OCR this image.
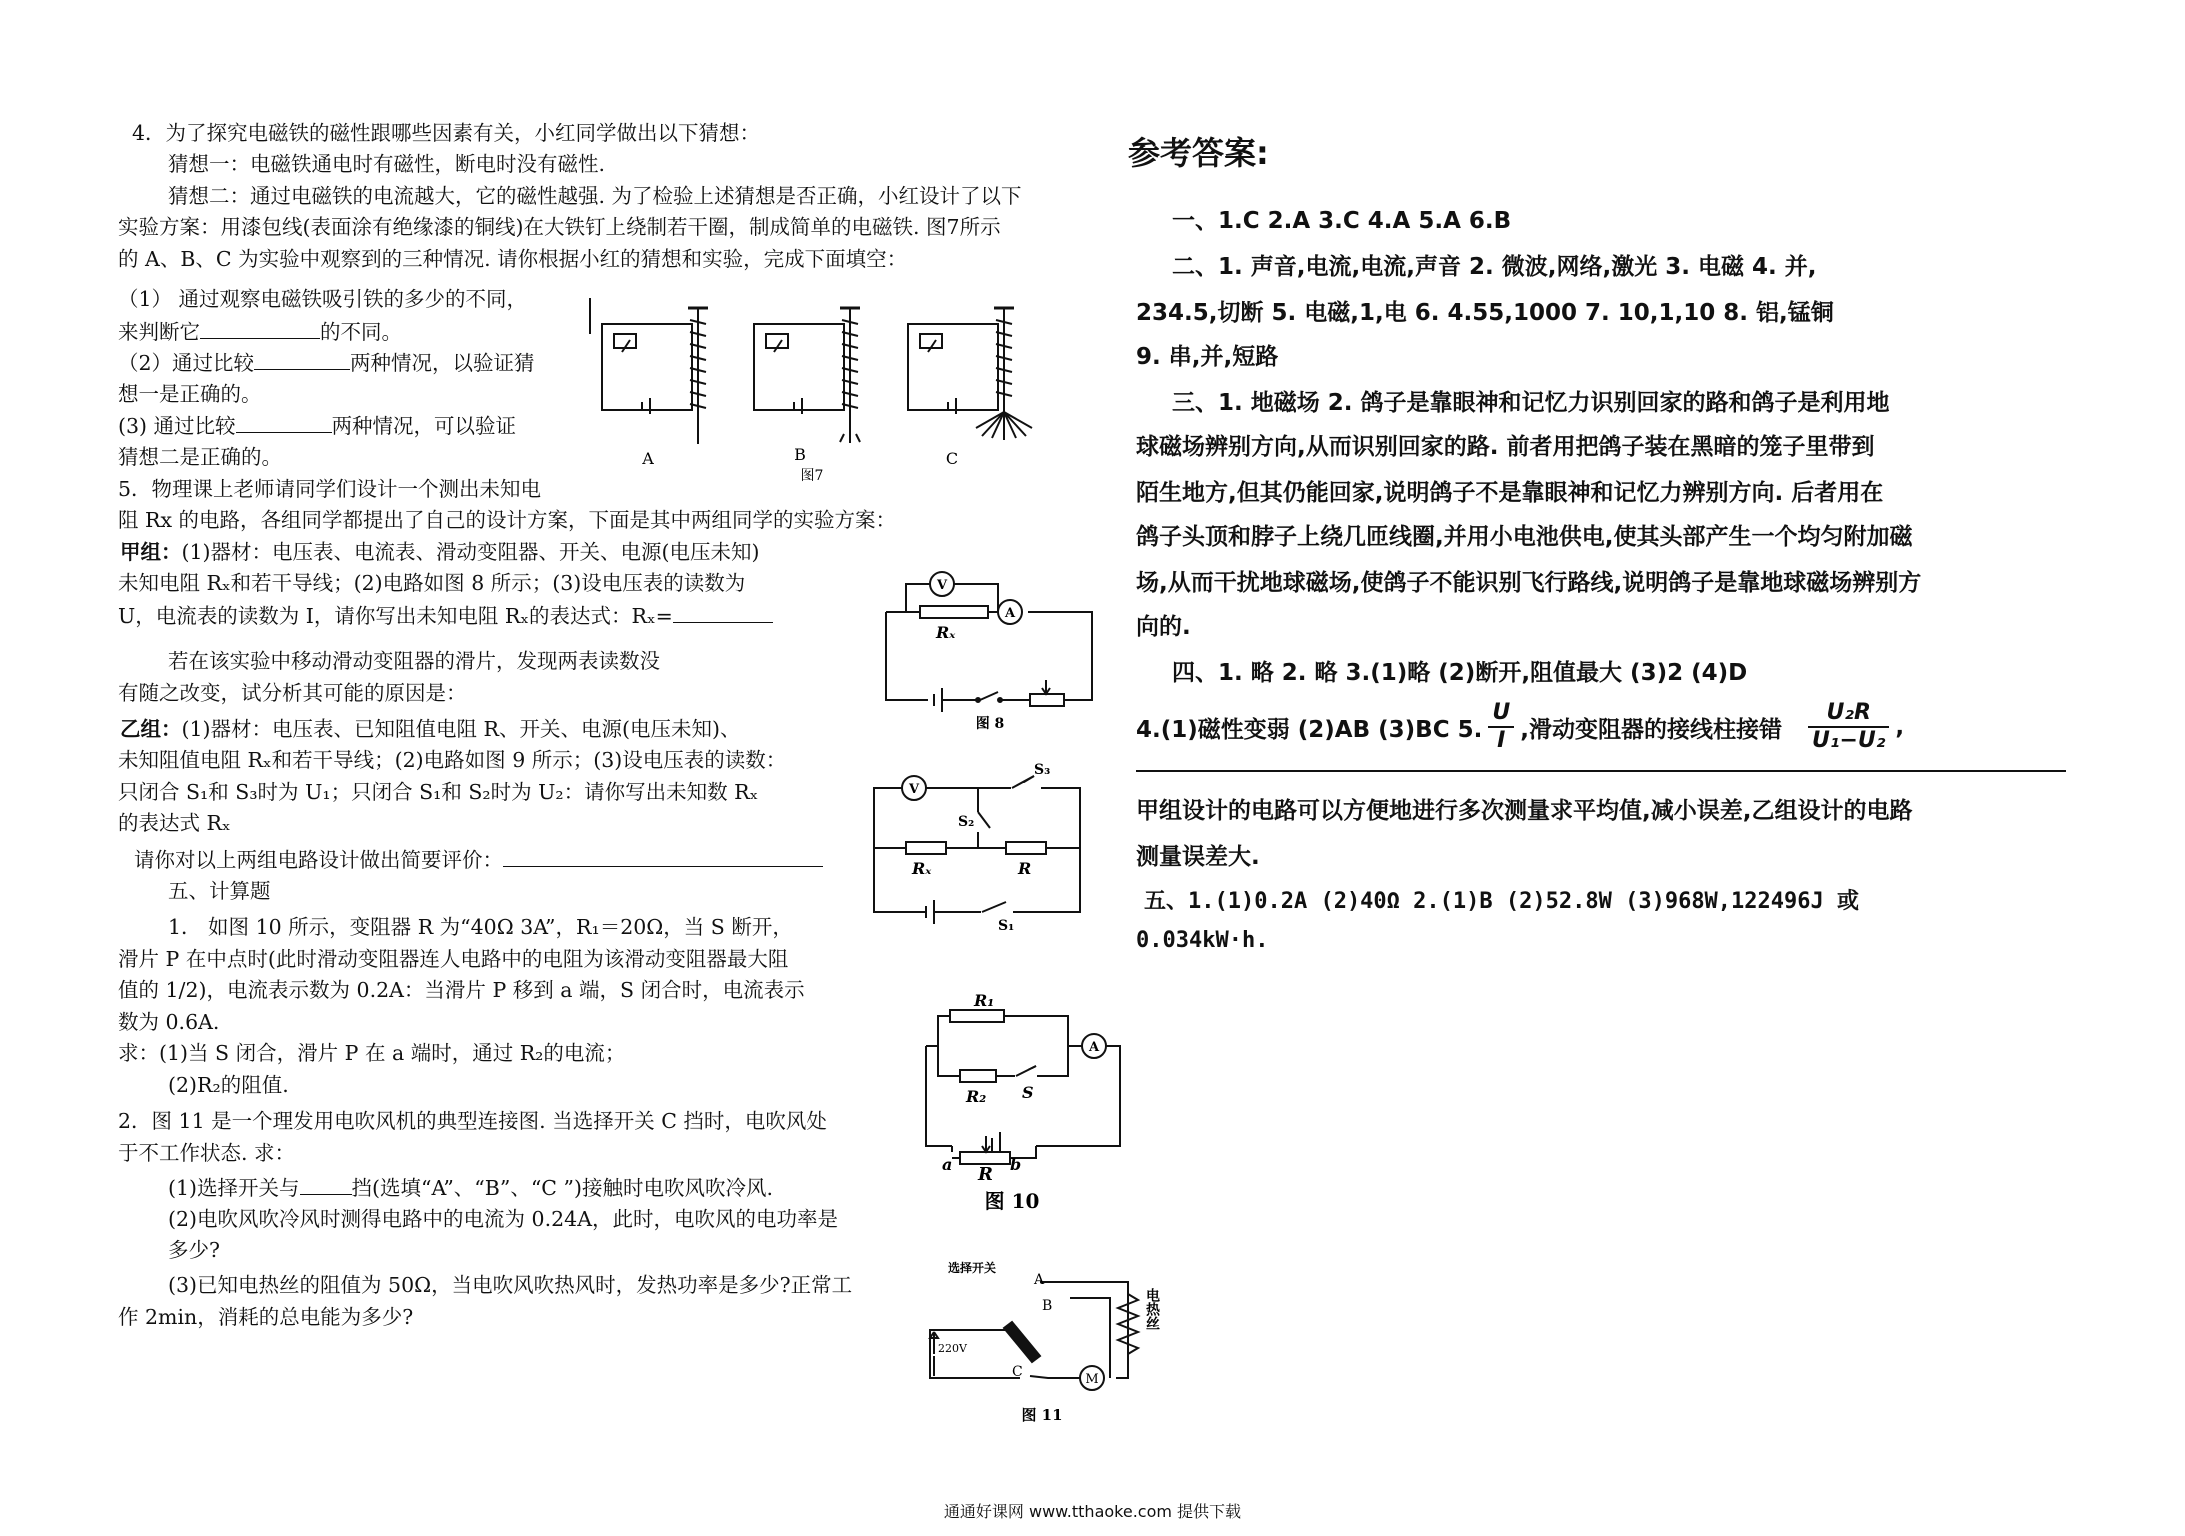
4．为了探究电磁铁的磁性跟哪些因素有关，小红同学做出以下猜想：
猜想一：电磁铁通电时有磁性，断电时没有磁性.
猜想二：通过电磁铁的电流越大，它的磁性越强. 为了检验上述猜想是否正确，小红设计了以下
实验方案：用漆包线(表面涂有绝缘漆的铜线)在大铁钉上绕制若干圈，制成简单的电磁铁. 图7所示
的 A、B、C 为实验中观察到的三种情况. 请你根据小红的猜想和实验，完成下面填空：
（1） 通过观察电磁铁吸引铁的多少的不同，
来判断它	的不同。
（2）通过比较	两种情况，以验证猜
想一是正确的。
(3) 通过比较	两种情况，可以验证
猜想二是正确的。
5．物理课上老师请同学们设计一个测出未知电
阻 Rx 的电路，各组同学都提出了自己的设计方案，下面是其中两组同学的实验方案：
甲组：(1)器材：电压表、电流表、滑动变阻器、开关、电源(电压未知)
未知电阻 Rₓ和若干导线；(2)电路如图 8 所示；(3)设电压表的读数为
U，电流表的读数为 I，请你写出未知电阻 Rₓ的表达式：Rₓ=
若在该实验中移动滑动变阻器的滑片，发现两表读数没
有随之改变，试分析其可能的原因是：
乙组：(1)器材：电压表、已知阻值电阻 R、开关、电源(电压未知)、
未知阻值电阻 Rₓ和若干导线；(2)电路如图 9 所示；(3)设电压表的读数：
只闭合 S₁和 S₃时为 U₁；只闭合 S₁和 S₂时为 U₂：请你写出未知数 Rₓ
的表达式 Rₓ
请你对以上两组电路设计做出简要评价：
五、计算题
1． 如图 10 所示，变阻器 R 为“40Ω 3A”，R₁＝20Ω，当 S 断开，
滑片 P 在中点时(此时滑动变阻器连人电路中的电阻为该滑动变阻器最大阻
值的 1/2)，电流表示数为 0.2A：当滑片 P 移到 a 端，S 闭合时，电流表示
数为 0.6A.
求：(1)当 S 闭合，滑片 P 在 a 端时，通过 R₂的电流；
(2)R₂的阻值.
2．图 11 是一个理发用电吹风机的典型连接图. 当选择开关 C 挡时，电吹风处
于不工作状态. 求：
(1)选择开关与	挡(选填“A”、“B”、“C ”)接触时电吹风吹冷风.
(2)电吹风吹冷风时测得电路中的电流为 0.24A，此时，电吹风的电功率是
多少?
(3)已知电热丝的阻值为 50Ω，当电吹风吹热风时，发热功率是多少?正常工
作 2min，消耗的总电能为多少?
A	B	C
图7
V
A
Rₓ
图 8
V
S₃
S₂
S₁
Rₓ	R
R₁
R₂ S
A
a R b
图 10
选择开关
A
B
C
220V
M
电热丝
图 11
参考答案:
一、1.C 2.A 3.C 4.A 5.A 6.B
二、1. 声音,电流,电流,声音 2. 微波,网络,激光 3. 电磁 4. 并,
234.5,切断 5. 电磁,1,电 6. 4.55,1000 7. 10,1,10 8. 铝,锰铜
9. 串,并,短路
三、1. 地磁场 2. 鸽子是靠眼神和记忆力识别回家的路和鸽子是利用地
球磁场辨别方向,从而识别回家的路. 前者用把鸽子装在黑暗的笼子里带到
陌生地方,但其仍能回家,说明鸽子不是靠眼神和记忆力辨别方向. 后者用在
鸽子头顶和脖子上绕几匝线圈,并用小电池供电,使其头部产生一个均匀附加磁
场,从而干扰地球磁场,使鸽子不能识别飞行路线,说明鸽子是靠地球磁场辨别方
向的.
四、1. 略 2. 略 3.(1)略 (2)断开,阻值最大 (3)2 (4)D
4.(1)磁性变弱 (2)AB (3)BC 5. $\frac{U}{I}$ ,滑动变阻器的接线柱接错 $\frac{\text{U₂R}}{\text{U₁−U₂}}$ ,
甲组设计的电路可以方便地进行多次测量求平均值,减小误差,乙组设计的电路
测量误差大.
五、1.(1)0.2A (2)40Ω 2.(1)B (2)52.8W (3)968W,122496J 或
0.034kW·h.
通通好课网 www.tthaoke.com 提供下载
